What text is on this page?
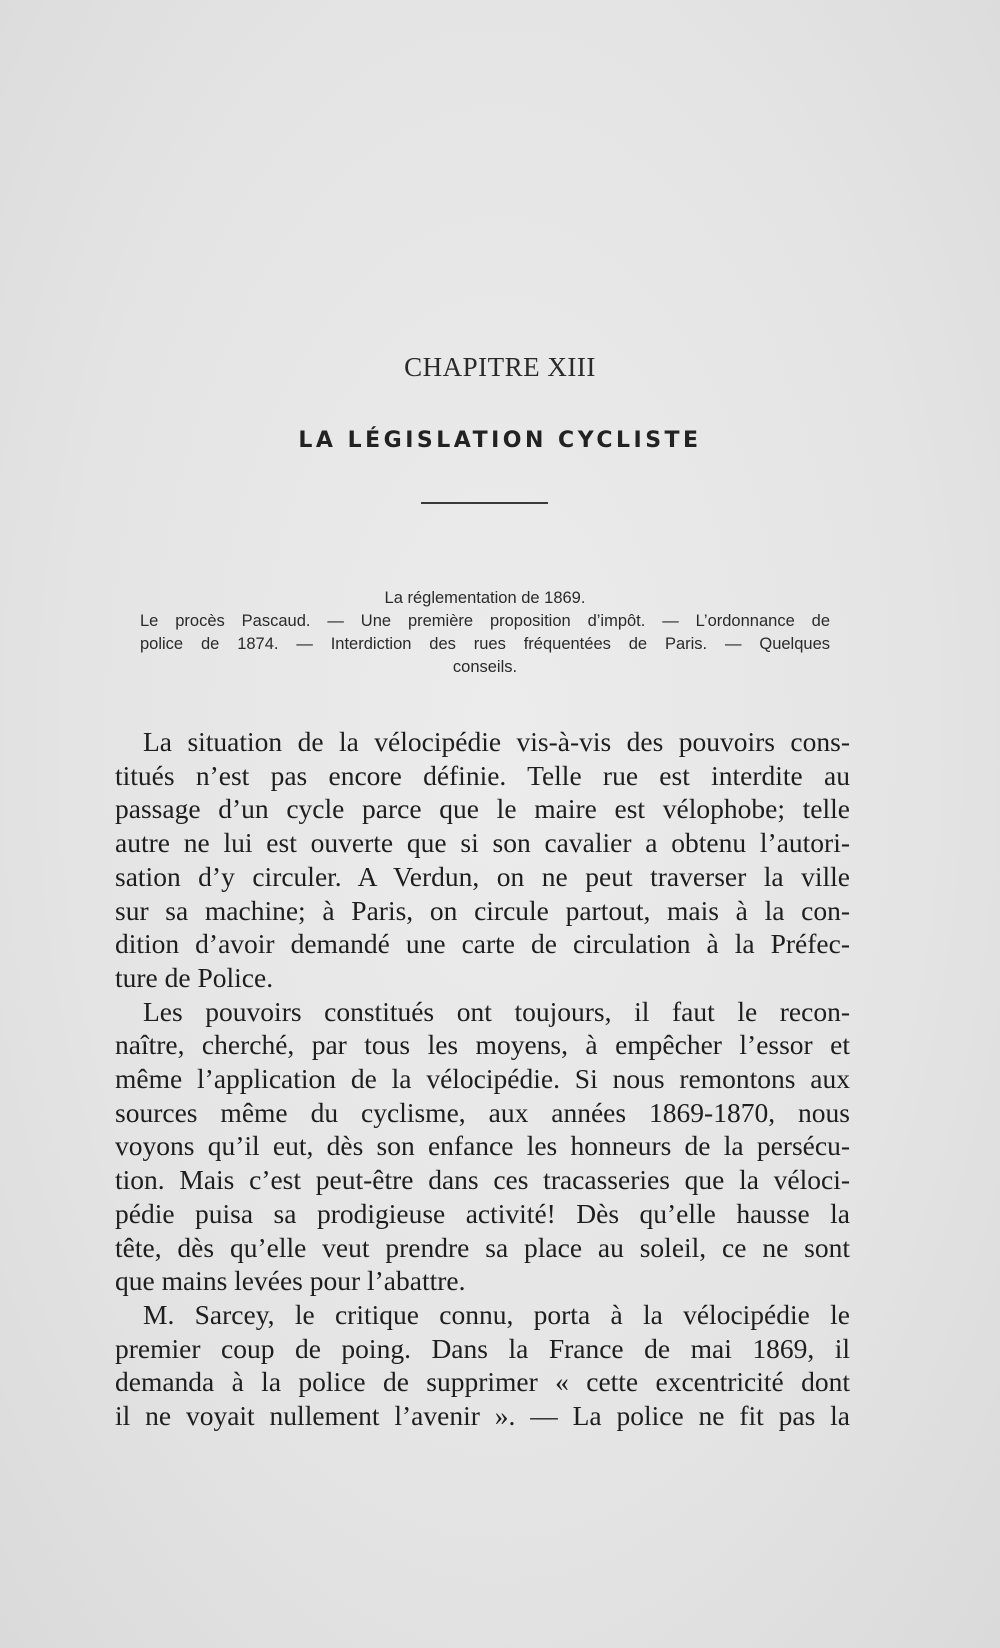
CHAPITRE XIII
LA LÉGISLATION CYCLISTE
La réglementation de 1869.
Le procès Pascaud. — Une première proposition d’impôt. — L’ordonnance de
police de 1874. — Interdiction des rues fréquentées de Paris. — Quelques
conseils.
La situation de la vélocipédie vis-à-vis des pouvoirs cons-
titués n’est pas encore définie. Telle rue est interdite au
passage d’un cycle parce que le maire est vélophobe; telle
autre ne lui est ouverte que si son cavalier a obtenu l’autori-
sation d’y circuler. A Verdun, on ne peut traverser la ville
sur sa machine; à Paris, on circule partout, mais à la con-
dition d’avoir demandé une carte de circulation à la Préfec-
ture de Police.
Les pouvoirs constitués ont toujours, il faut le recon-
naître, cherché, par tous les moyens, à empêcher l’essor et
même l’application de la vélocipédie. Si nous remontons aux
sources même du cyclisme, aux années 1869-1870, nous
voyons qu’il eut, dès son enfance les honneurs de la persécu-
tion. Mais c’est peut-être dans ces tracasseries que la véloci-
pédie puisa sa prodigieuse activité! Dès qu’elle hausse la
tête, dès qu’elle veut prendre sa place au soleil, ce ne sont
que mains levées pour l’abattre.
M. Sarcey, le critique connu, porta à la vélocipédie le
premier coup de poing. Dans la France de mai 1869, il
demanda à la police de supprimer « cette excentricité dont
il ne voyait nullement l’avenir ». — La police ne fit pas la
